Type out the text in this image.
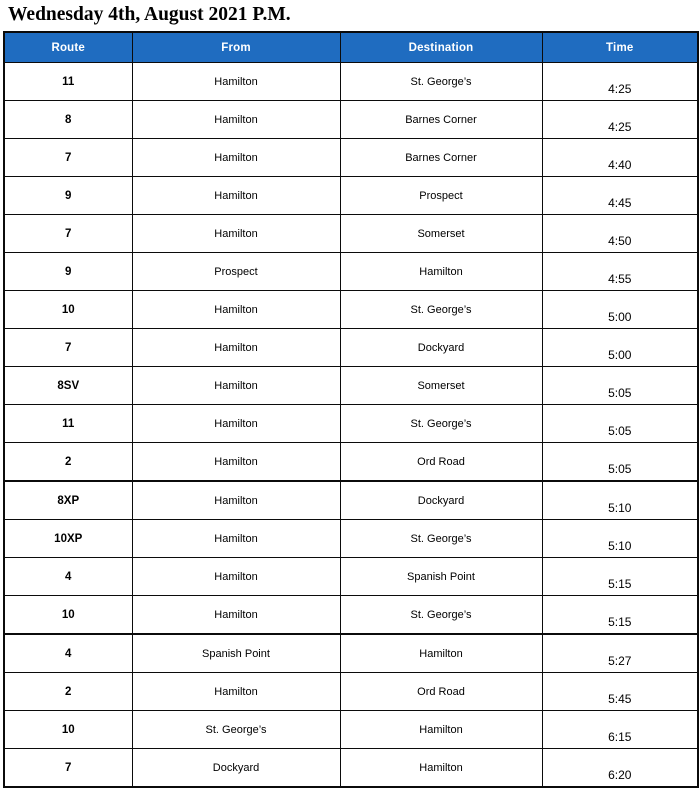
Wednesday 4th, August 2021 P.M.
Route	From	Destination	Time
11	Hamilton	St. George’s	4:25
8	Hamilton	Barnes Corner	4:25
7	Hamilton	Barnes Corner	4:40
9	Hamilton	Prospect	4:45
7	Hamilton	Somerset	4:50
9	Prospect	Hamilton	4:55
10	Hamilton	St. George’s	5:00
7	Hamilton	Dockyard	5:00
8SV	Hamilton	Somerset	5:05
11	Hamilton	St. George’s	5:05
2	Hamilton	Ord Road	5:05
8XP	Hamilton	Dockyard	5:10
10XP	Hamilton	St. George’s	5:10
4	Hamilton	Spanish Point	5:15
10	Hamilton	St. George’s	5:15
4	Spanish Point	Hamilton	5:27
2	Hamilton	Ord Road	5:45
10	St. George’s	Hamilton	6:15
7	Dockyard	Hamilton	6:20
